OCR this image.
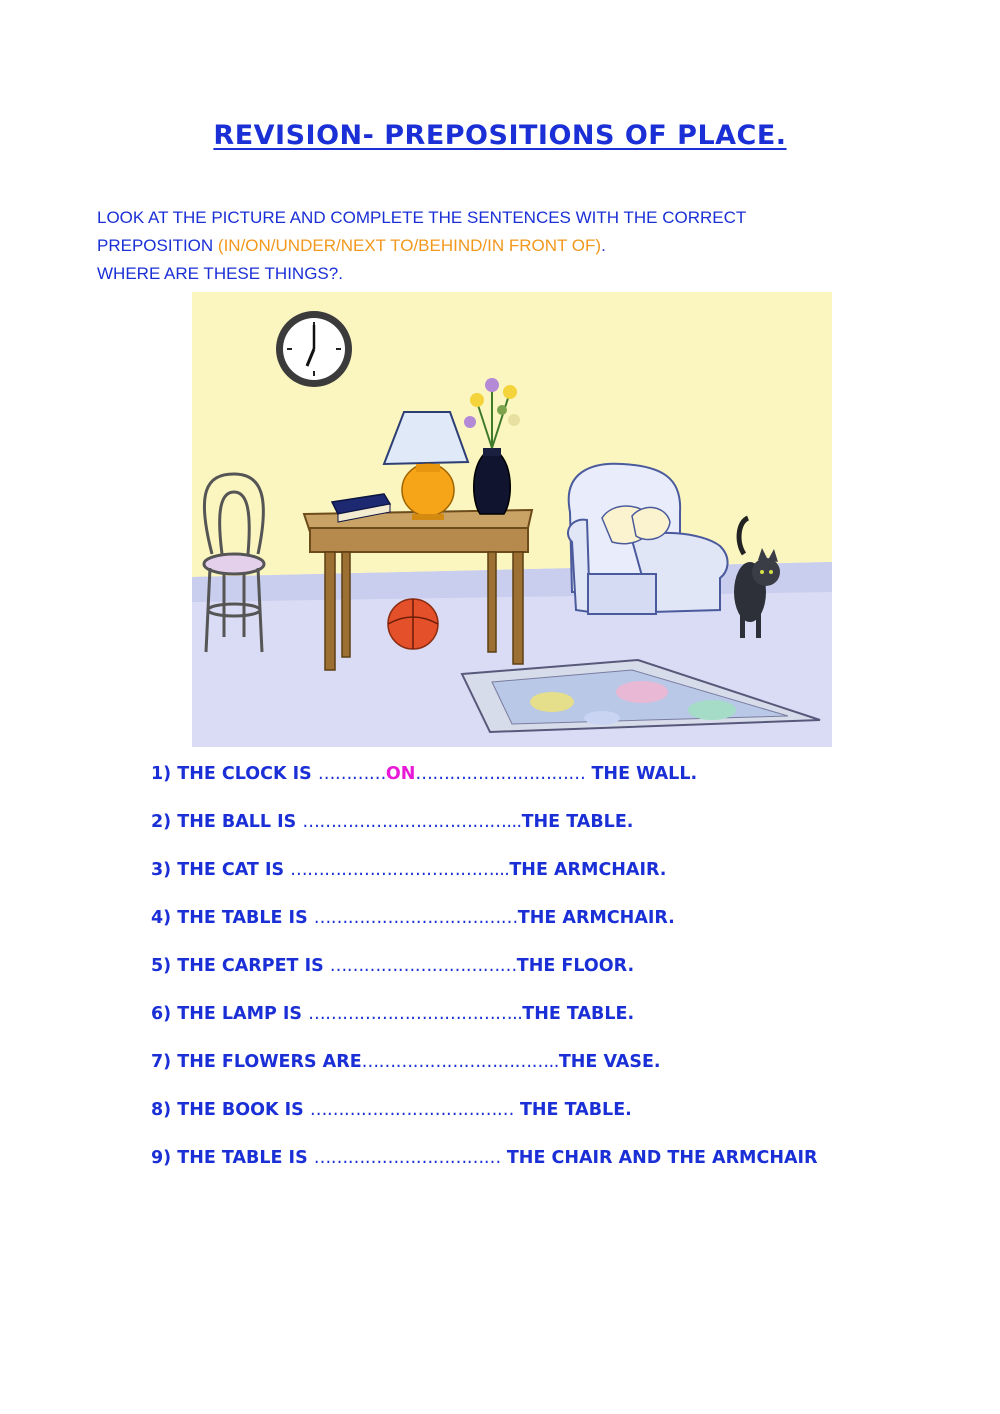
REVISION- PREPOSITIONS OF PLACE.
LOOK AT THE PICTURE AND COMPLETE THE SENTENCES WITH THE CORRECT
PREPOSITION (IN/ON/UNDER/NEXT TO/BEHIND/IN FRONT OF).
WHERE ARE THESE THINGS?.
1) THE CLOCK IS …………ON………………………… THE WALL.
2) THE BALL IS ………………………………...THE TABLE.
3) THE CAT IS ………………………………...THE ARMCHAIR.
4) THE TABLE IS ………………………………THE ARMCHAIR.
5) THE CARPET IS ……………………………THE FLOOR.
6) THE LAMP IS ………………………………..THE TABLE.
7) THE FLOWERS ARE……………………………..THE VASE.
8) THE BOOK IS ……………………………… THE TABLE.
9) THE TABLE IS …………………………… THE CHAIR AND THE ARMCHAIR
